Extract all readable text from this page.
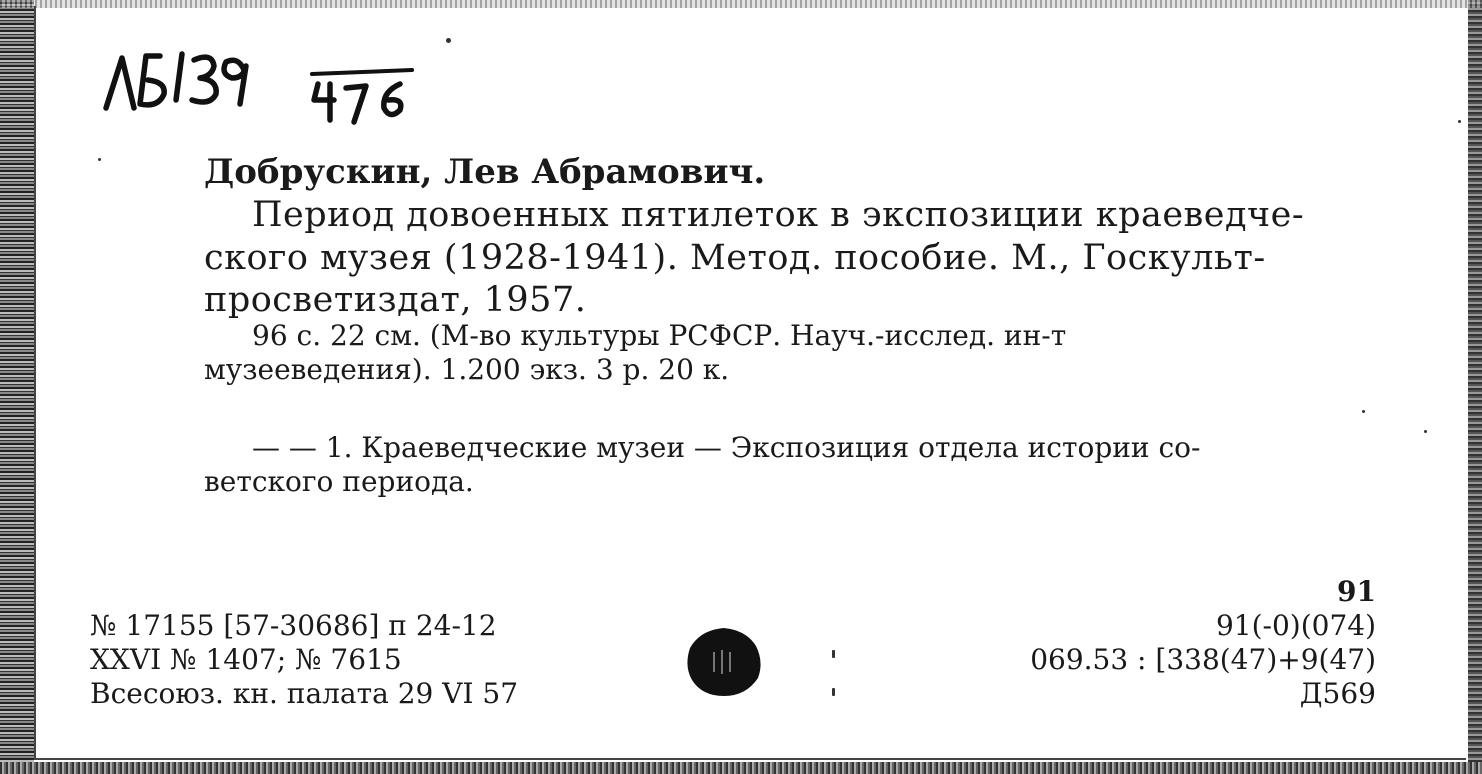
Добрускин, Лев Абрамович.
Период довоенных пятилеток в экспозиции краеведче-
ского музея (1928-1941). Метод. пособие. М., Госкульт-
просветиздат, 1957.
96 с. 22 см. (М-во культуры РСФСР. Науч.-исслед. ин-т
музееведения). 1.200 экз. 3 р. 20 к.
— — 1. Краеведческие музеи — Экспозиция отдела истории со-
ветского периода.
№ 17155 [57-30686] п 24-12
XXVI № 1407; № 7615
Всесоюз. кн. палата 29 VI 57
91
91(-0)(074)
069.53 : [338(47)+9(47)
Д569
